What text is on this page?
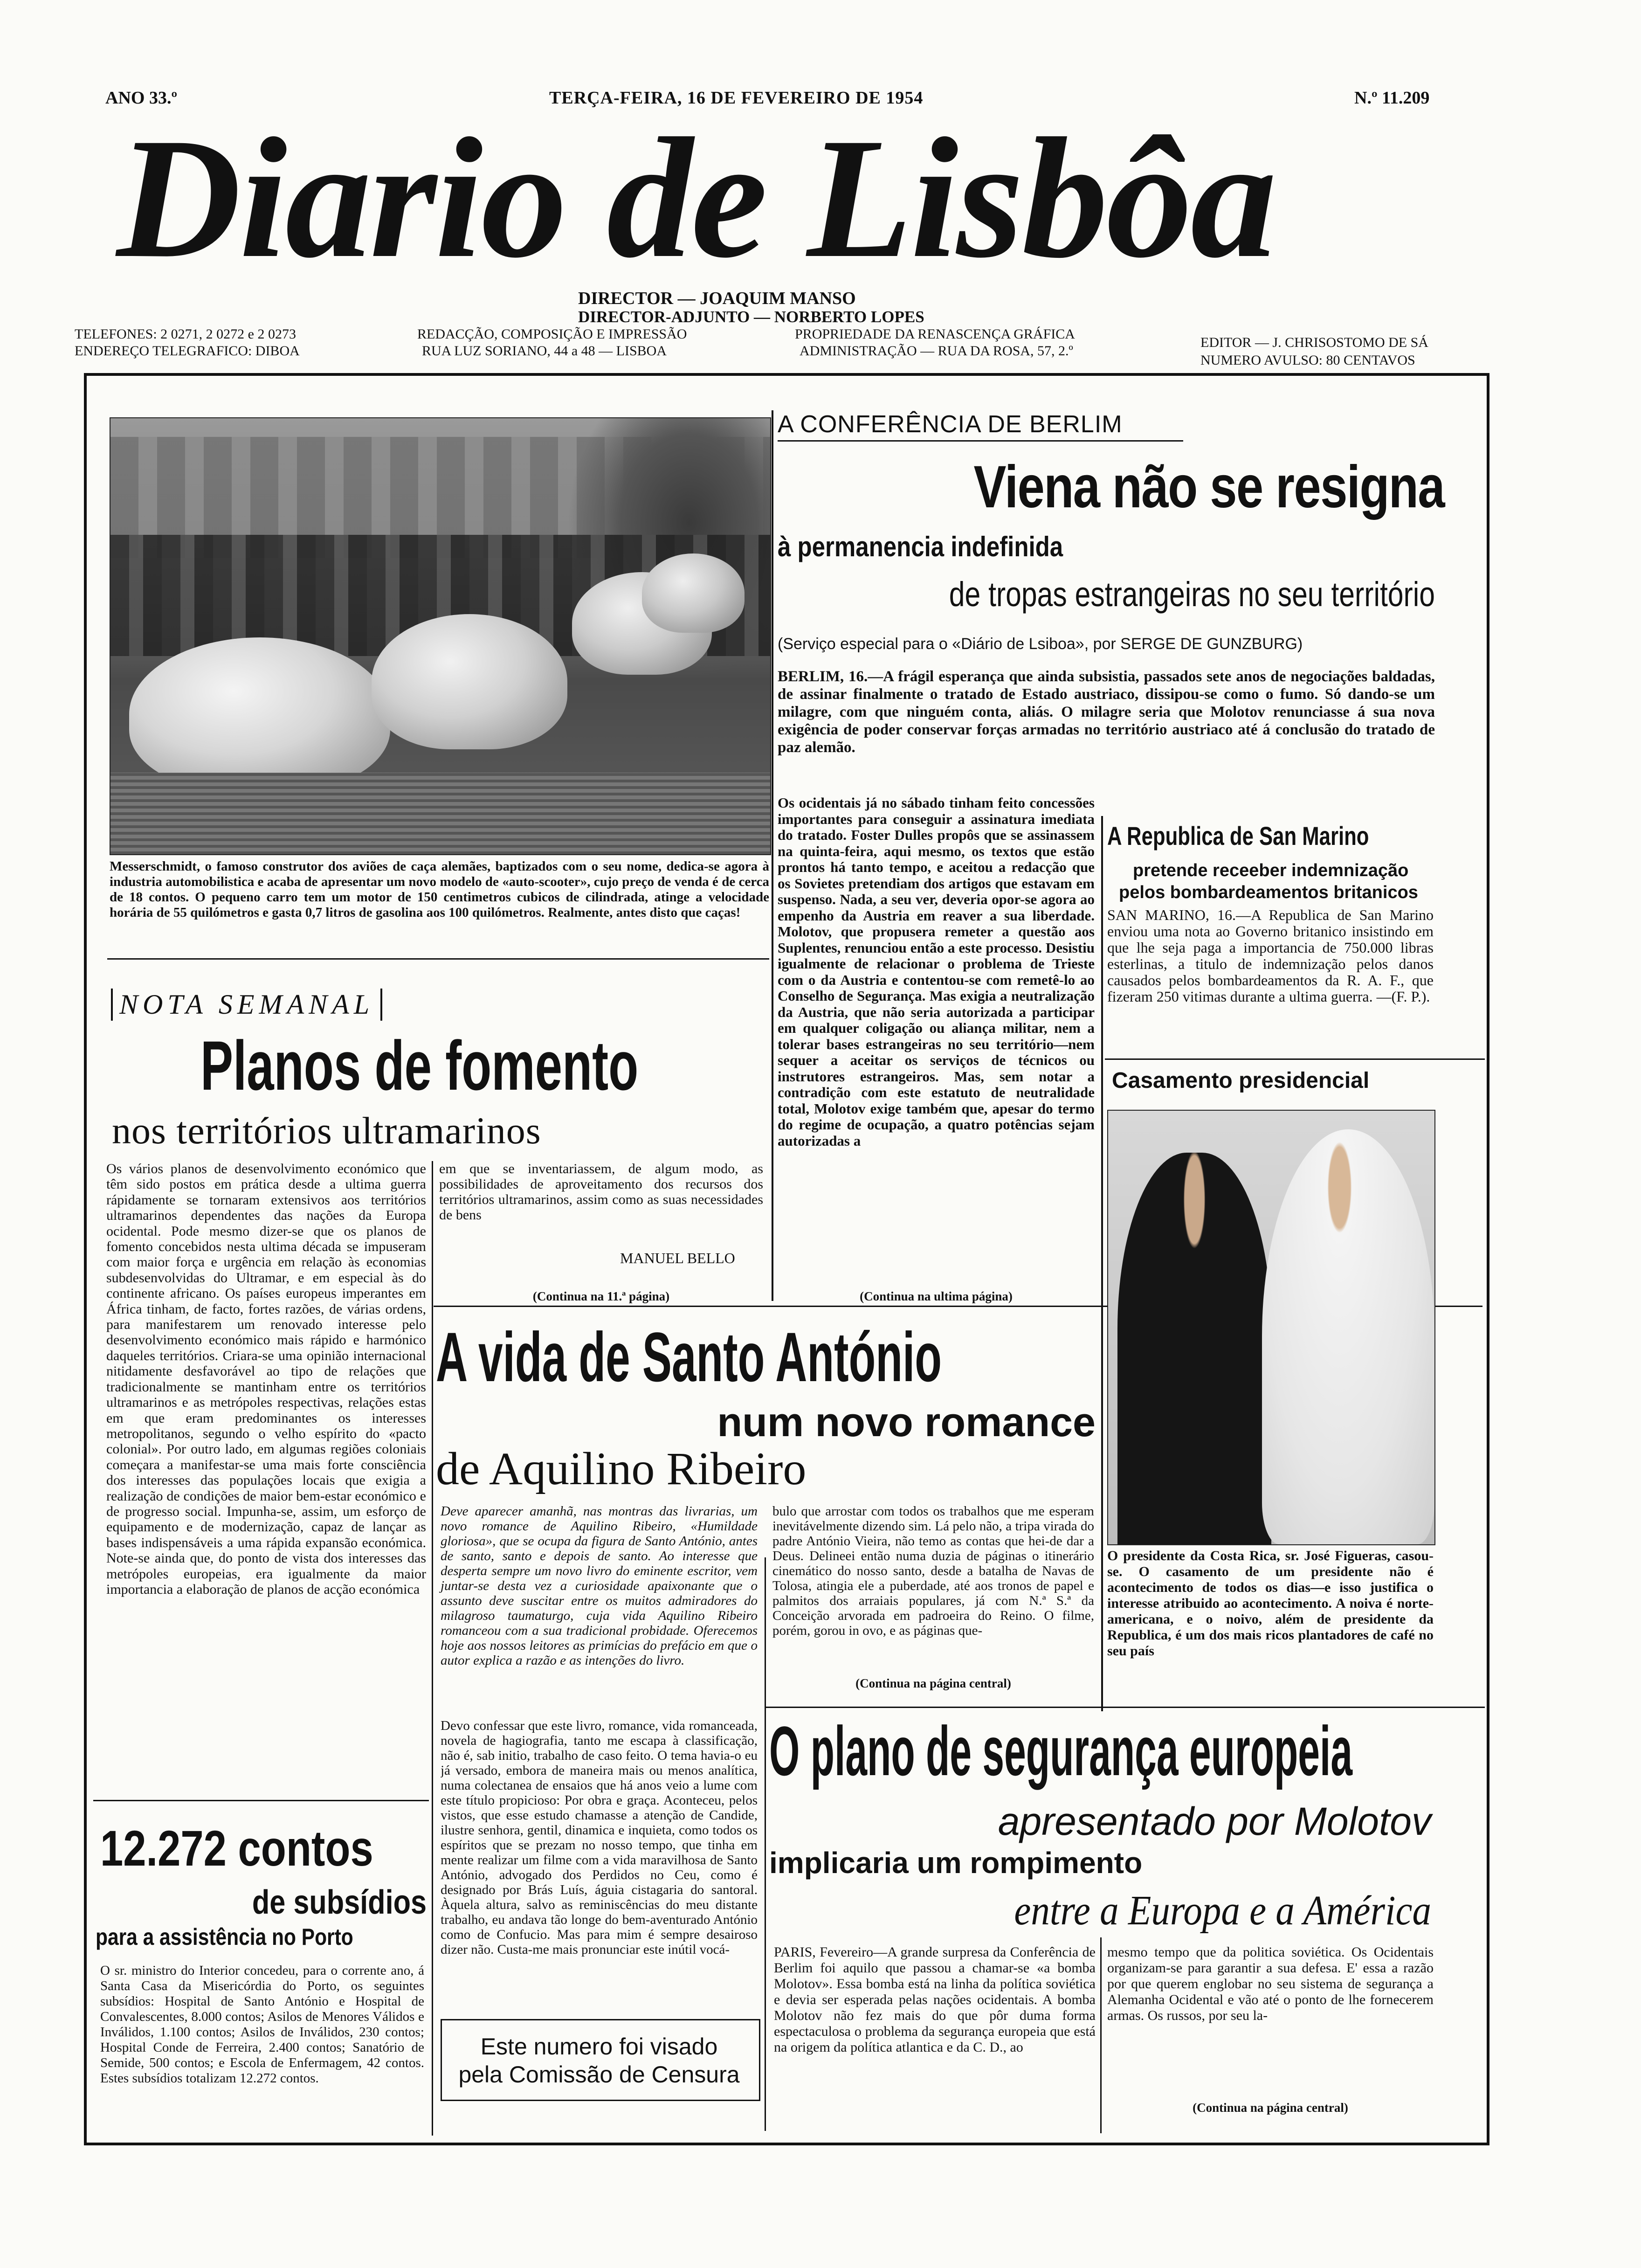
ANO 33.º	TERÇA-FEIRA, 16 DE FEVEREIRO DE 1954	N.º 11.209
Diario de Lisbôa
DIRECTOR — JOAQUIM MANSO
DIRECTOR-ADJUNTO — NORBERTO LOPES
TELEFONES: 2 0271, 2 0272 e 2 0273
ENDEREÇO TELEGRAFICO: DIBOA
REDACÇÃO, COMPOSIÇÃO E IMPRESSÃO
RUA LUZ SORIANO, 44 a 48 — LISBOA
PROPRIEDADE DA RENASCENÇA GRÁFICA
ADMINISTRAÇÃO — RUA DA ROSA, 57, 2.º
EDITOR — J. CHRISOSTOMO DE SÁ
NUMERO AVULSO: 80 CENTAVOS
Messerschmidt, o famoso construtor dos aviões de caça alemães, baptizados com o seu nome, dedica-se agora à industria automobilistica e acaba de apresentar um novo modelo de «auto-scooter», cujo preço de venda é de cerca de 18 contos. O pequeno carro tem um motor de 150 centimetros cubicos de cilindrada, atinge a velocidade horária de 55 quilómetros e gasta 0,7 litros de gasolina aos 100 quilómetros. Realmente, antes disto que caças!
A CONFERÊNCIA DE BERLIM
Viena não se resigna
à permanencia indefinida
de tropas estrangeiras no seu território
(Serviço especial para o «Diário de Lsiboa», por SERGE DE GUNZBURG)
BERLIM, 16.—A frágil esperança que ainda subsistia, passados sete anos de negociações baldadas, de assinar finalmente o tratado de Estado austriaco, dissipou-se como o fumo. Só dando-se um milagre, com que ninguém conta, aliás. O milagre seria que Molotov renunciasse á sua nova exigência de poder conservar forças armadas no território austriaco até á conclusão do tratado de paz alemão.
Os ocidentais já no sábado tinham feito concessões importantes para conseguir a assinatura imediata do tratado. Foster Dulles propôs que se assinassem na quinta-feira, aqui mesmo, os textos que estão prontos há tanto tempo, e aceitou a redacção que os Sovietes pretendiam dos artigos que estavam em suspenso. Nada, a seu ver, deveria opor-se agora ao empenho da Austria em reaver a sua liberdade. Molotov, que propusera remeter a questão aos Suplentes, renunciou então a este processo. Desistiu igualmente de relacionar o problema de Trieste com o da Austria e contentou-se com remetê-lo ao Conselho de Segurança. Mas exigia a neutralização da Austria, que não seria autorizada a participar em qualquer coligação ou aliança militar, nem a tolerar bases estrangeiras no seu território—nem sequer a aceitar os serviços de técnicos ou instrutores estrangeiros. Mas, sem notar a contradição com este estatuto de neutralidade total, Molotov exige também que, apesar do termo do regime de ocupação, a quatro potências sejam autorizadas a
(Continua na ultima página)
A Republica de San Marino
pretende receeber indemnização
pelos bombardeamentos britanicos
SAN MARINO, 16.—A Republica de San Marino enviou uma nota ao Governo britanico insistindo em que lhe seja paga a importancia de 750.000 libras esterlinas, a titulo de indemnização pelos danos causados pelos bombardeamentos da R. A. F., que fizeram 250 vitimas durante a ultima guerra. —(F. P.).
Casamento presidencial
O presidente da Costa Rica, sr. José Figueras, casou-se. O casamento de um presidente não é acontecimento de todos os dias—e isso justifica o interesse atribuido ao acontecimento. A noiva é norte-americana, e o noivo, além de presidente da Republica, é um dos mais ricos plantadores de café no seu país
NOTA SEMANAL
Planos de fomento
nos territórios ultramarinos
Os vários planos de desenvolvimento económico que têm sido postos em prática desde a ultima guerra rápidamente se tornaram extensivos aos territórios ultramarinos dependentes das nações da Europa ocidental. Pode mesmo dizer-se que os planos de fomento concebidos nesta ultima década se impuseram com maior força e urgência em relação às economias subdesenvolvidas do Ultramar, e em especial às do continente africano. Os países europeus imperantes em África tinham, de facto, fortes razões, de várias ordens, para manifestarem um renovado interesse pelo desenvolvimento económico mais rápido e harmónico daqueles territórios. Criara-se uma opinião internacional nitidamente desfavorável ao tipo de relações que tradicionalmente se mantinham entre os territórios ultramarinos e as metrópoles respectivas, relações estas em que eram predominantes os interesses metropolitanos, segundo o velho espírito do «pacto colonial». Por outro lado, em algumas regiões coloniais começara a manifestar-se uma mais forte consciência dos interesses das populações locais que exigia a realização de condições de maior bem-estar económico e de progresso social. Impunha-se, assim, um esforço de equipamento e de modernização, capaz de lançar as bases indispensáveis a uma rápida expansão económica. Note-se ainda que, do ponto de vista dos interesses das metrópoles europeias, era igualmente da maior importancia a elaboração de planos de acção económica
em que se inventariassem, de algum modo, as possibilidades de aproveitamento dos recursos dos territórios ultramarinos, assim como as suas necessidades de bens
MANUEL BELLO
(Continua na 11.ª página)
A vida de Santo António
num novo romance
de Aquilino Ribeiro
Deve aparecer amanhã, nas montras das livrarias, um novo romance de Aquilino Ribeiro, «Humildade gloriosa», que se ocupa da figura de Santo António, antes de santo, santo e depois de santo. Ao interesse que desperta sempre um novo livro do eminente escritor, vem juntar-se desta vez a curiosidade apaixonante que o assunto deve suscitar entre os muitos admiradores do milagroso taumaturgo, cuja vida Aquilino Ribeiro romanceou com a sua tradicional probidade. Oferecemos hoje aos nossos leitores as primícias do prefácio em que o autor explica a razão e as intenções do livro.
Devo confessar que este livro, romance, vida romanceada, novela de hagiografia, tanto me escapa à classificação, não é, sab initio, trabalho de caso feito. O tema havia-o eu já versado, embora de maneira mais ou menos analítica, numa colectanea de ensaios que há anos veio a lume com este título propicioso: Por obra e graça. Aconteceu, pelos vistos, que esse estudo chamasse a atenção de Candide, ilustre senhora, gentil, dinamica e inquieta, como todos os espíritos que se prezam no nosso tempo, que tinha em mente realizar um filme com a vida maravilhosa de Santo António, advogado dos Perdidos no Ceu, como é designado por Brás Luís, águia cistagaria do santoral. Àquela altura, salvo as reminiscências do meu distante trabalho, eu andava tão longe do bem-aventurado António como de Confucio. Mas para mim é sempre desairoso dizer não. Custa-me mais pronunciar este inútil vocá-
bulo que arrostar com todos os trabalhos que me esperam inevitávelmente dizendo sim. Lá pelo não, a tripa virada do padre António Vieira, não temo as contas que hei-de dar a Deus. Delineei então numa duzia de páginas o itinerário cinemático do nosso santo, desde a batalha de Navas de Tolosa, atingia ele a puberdade, até aos tronos de papel e palmitos dos arraiais populares, já com N.ª S.ª da Conceição arvorada em padroeira do Reino. O filme, porém, gorou in ovo, e as páginas que-
(Continua na página central)
Este numero foi visado
pela Comissão de Censura
12.272 contos
de subsídios
para a assistência no Porto
O sr. ministro do Interior concedeu, para o corrente ano, á Santa Casa da Misericórdia do Porto, os seguintes subsídios: Hospital de Santo António e Hospital de Convalescentes, 8.000 contos; Asilos de Menores Válidos e Inválidos, 1.100 contos; Asilos de Inválidos, 230 contos; Hospital Conde de Ferreira, 2.400 contos; Sanatório de Semide, 500 contos; e Escola de Enfermagem, 42 contos. Estes subsídios totalizam 12.272 contos.
O plano de segurança europeia
apresentado por Molotov
implicaria um rompimento
entre a Europa e a América
PARIS, Fevereiro—A grande surpresa da Conferência de Berlim foi aquilo que passou a chamar-se «a bomba Molotov». Essa bomba está na linha da política soviética e devia ser esperada pelas nações ocidentais. A bomba Molotov não fez mais do que pôr duma forma espectaculosa o problema da segurança europeia que está na origem da política atlantica e da C. D., ao
mesmo tempo que da politica soviética. Os Ocidentais organizam-se para garantir a sua defesa. E' essa a razão por que querem englobar no seu sistema de segurança a Alemanha Ocidental e vão até o ponto de lhe fornecerem armas. Os russos, por seu la-
(Continua na página central)
